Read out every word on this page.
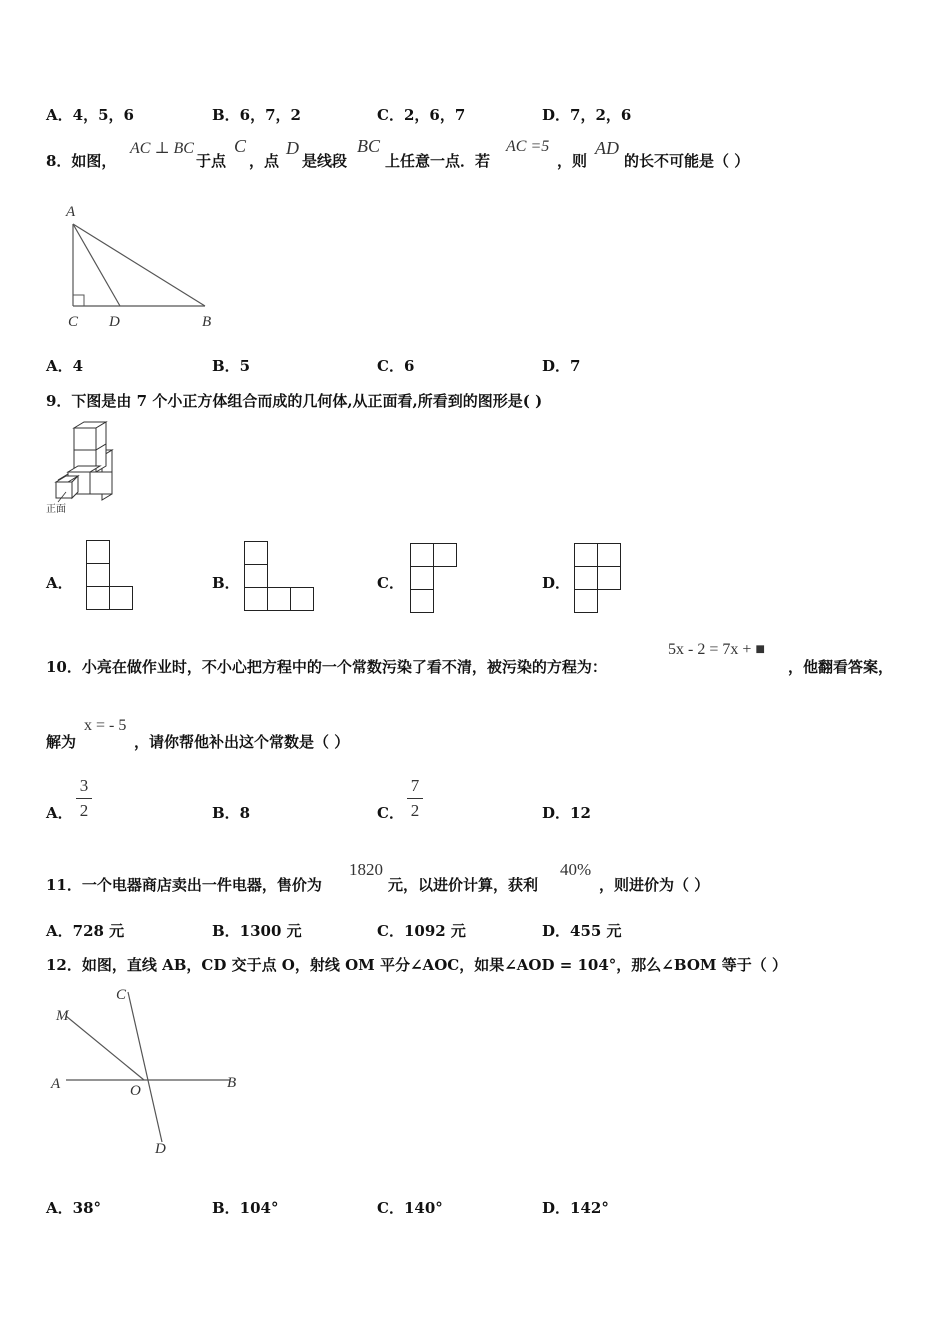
A．4，5，6	B．6，7，2	C．2，6，7	D．7，2，6
8．如图，
AC ⊥ BC
于点
C
，点
D
是线段
BC
上任意一点．若
AC =5
，则
AD
的长不可能是（ ）
A
C D	B
A．4	B．5	C．6	D．7
9．下图是由 7 个小正方体组合而成的几何体,从正面看,所看到的图形是( )
正面
A．	B．	C．	D．
10．小亮在做作业时，不小心把方程中的一个常数污染了看不清，被污染的方程为：
5x - 2 = 7x + ■
，他翻看答案，
解为
x = - 5
，请你帮他补出这个常数是（ ）
A．
3
2	B．8	C．
7
2	D．12
11．一个电器商店卖出一件电器，售价为
1820
元，以进价计算，获利
40%
，则进价为（ ）
A．728 元	B．1300 元	C．1092 元	D．455 元
12．如图，直线 AB，CD 交于点 O，射线 OM 平分∠AOC，如果∠AOD = 104°，那么∠BOM 等于（ ）
C
M
A	O	B
D
A．38°	B．104°	C．140°	D．142°
